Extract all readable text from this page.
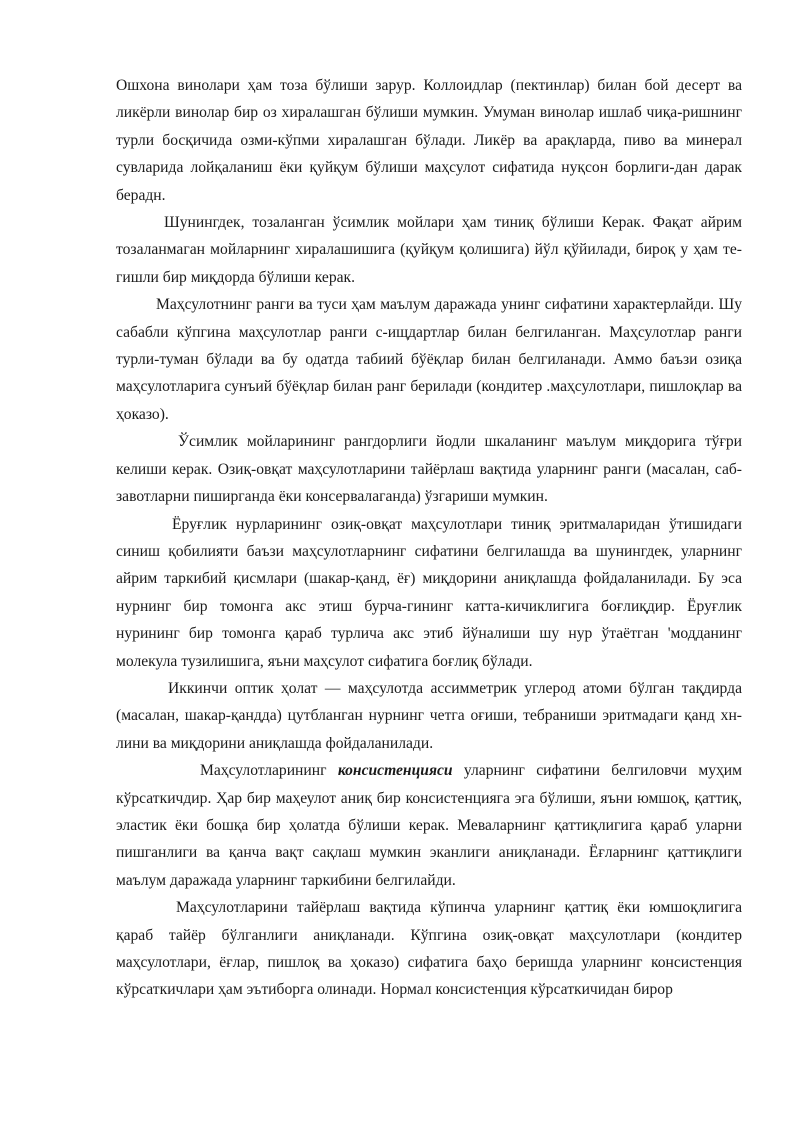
Ошхона винолари ҳам тоза бўлиши зарур. Коллоидлар (пектинлар) билан бой десерт ва ликёрли винолар бир оз хиралашган бўлиши мумкин. Умуман винолар ишлаб чиқа-ришнинг турли босқичида озми-кўпми хиралашган бўлади. Ликёр ва арақларда, пиво ва минерал сувларида лойқаланиш ёки қуйқум бўлиши маҳсулот сифатида нуқсон борлиги-дан дарак берадн.

Шунингдек, тозаланган ўсимлик мойлари ҳам тиниқ бўлиши Керак. Фақат айрим тозаланмаган мойларнинг хиралашишига (қуйқум қолишига) йўл қўйилади, бироқ у ҳам те-гишли бир миқдорда бўлиши керак.

Маҳсулотнинг ранги ва туси ҳам маълум даражада унинг сифатини характерлайди. Шу сабабли кўпгина маҳсулотлар ранги с-ищдартлар билан белгиланган. Маҳсулотлар ранги турли-туман бўлади ва бу одатда табиий бўёқлар билан белгиланади. Аммо баъзи озиқа маҳсулотларига сунъий бўёқлар билан ранг берилади (кондитер .маҳсулотлари, пишлоқлар ва ҳоказо).

Ўсимлик мойларининг рангдорлиги йодли шкаланинг маълум миқдорига тўғри келиши керак. Озиқ-овқат маҳсулотларини тайёрлаш вақтида уларнинг ранги (масалан, саб-завотларни пиширганда ёки консервалаганда) ўзгариши мумкин.

Ёруғлик нурларининг озиқ-овқат маҳсулотлари тиниқ эритмаларидан ўтишидаги синиш қобилияти баъзи маҳсулотларнинг сифатини белгилашда ва шунингдек, уларнинг айрим таркибий қисмлари (шакар-қанд, ёғ) миқдорини аниқлашда фойдаланилади. Бу эса нурнинг бир томонга акс этиш бурча-гининг катта-кичиклигига боғлиқдир. Ёруғлик нурининг бир томонга қараб турлича акс этиб йўналиши шу нур ўтаётган 'модданинг молекула тузилишига, яъни маҳсулот сифатига боғлиқ бўлади.

Иккинчи оптик ҳолат — маҳсулотда ассимметрик углерод атоми бўлган тақдирда (масалан, шакар-қандда) цутбланган нурнинг четга оғиши, тебраниши эритмадаги қанд хн-лини ва миқдорини аниқлашда фойдаланилади.

Маҳсулотларининг консистенцияси уларнинг сифатини белгиловчи муҳим кўрсаткичдир. Ҳар бир маҳеулот аниқ бир консистенцияга эга бўлиши, яъни юмшоқ, қаттиқ, эластик ёки бошқа бир ҳолатда бўлиши керак. Меваларнинг қаттиқлигига қараб уларни пишганлиги ва қанча вақт сақлаш мумкин эканлиги аниқланади. Ёғларнинг қаттиқлиги маълум даражада уларнинг таркибини белгилайди.

Маҳсулотларини тайёрлаш вақтида кўпинча уларнинг қаттиқ ёки юмшоқлигига қараб тайёр бўлганлиги аниқланади. Кўпгина озиқ-овқат маҳсулотлари (кондитер маҳсулотлари, ёғлар, пишлоқ ва ҳоказо) сифатига баҳо беришда уларнинг консистенция кўрсаткичлари ҳам эътиборга олинади. Нормал консистенция кўрсаткичидан бирор
